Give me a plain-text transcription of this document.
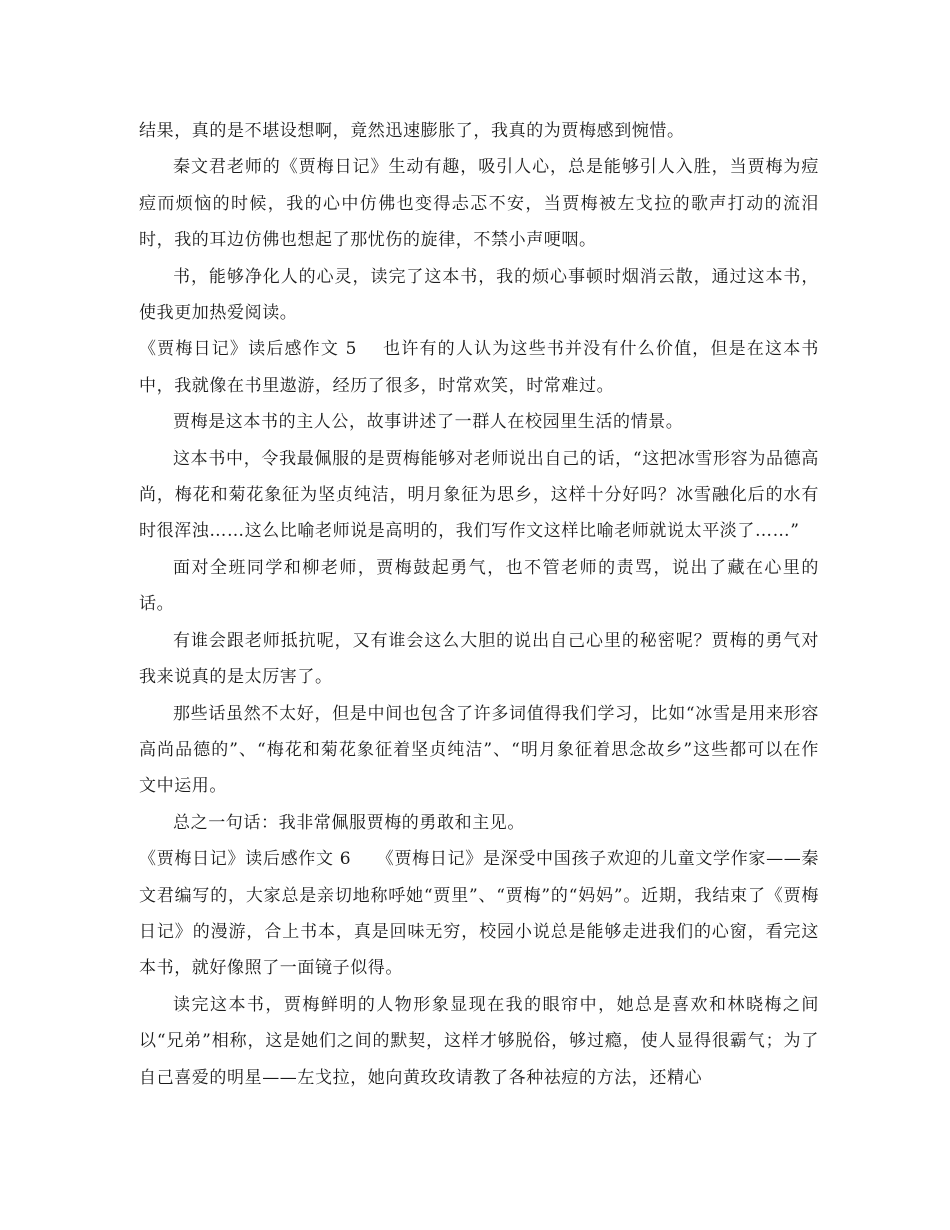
结果，真的是不堪设想啊，竟然迅速膨胀了，我真的为贾梅感到惋惜。

秦文君老师的《贾梅日记》生动有趣，吸引人心，总是能够引人入胜，当贾梅为痘痘而烦恼的时候，我的心中仿佛也变得忐忑不安，当贾梅被左戈拉的歌声打动的流泪时，我的耳边仿佛也想起了那忧伤的旋律，不禁小声哽咽。

书，能够净化人的心灵，读完了这本书，我的烦心事顿时烟消云散，通过这本书，使我更加热爱阅读。

《贾梅日记》读后感作文 5 也许有的人认为这些书并没有什么价值，但是在这本书中，我就像在书里遨游，经历了很多，时常欢笑，时常难过。

贾梅是这本书的主人公，故事讲述了一群人在校园里生活的情景。

这本书中，令我最佩服的是贾梅能够对老师说出自己的话，“这把冰雪形容为品德高尚，梅花和菊花象征为坚贞纯洁，明月象征为思乡，这样十分好吗？冰雪融化后的水有时很浑浊……这么比喻老师说是高明的，我们写作文这样比喻老师就说太平淡了……”

面对全班同学和柳老师，贾梅鼓起勇气，也不管老师的责骂，说出了藏在心里的话。

有谁会跟老师抵抗呢，又有谁会这么大胆的说出自己心里的秘密呢？贾梅的勇气对我来说真的是太厉害了。

那些话虽然不太好，但是中间也包含了许多词值得我们学习，比如“冰雪是用来形容高尚品德的”、“梅花和菊花象征着坚贞纯洁”、“明月象征着思念故乡”这些都可以在作文中运用。

总之一句话：我非常佩服贾梅的勇敢和主见。

《贾梅日记》读后感作文 6 《贾梅日记》是深受中国孩子欢迎的儿童文学作家——秦文君编写的，大家总是亲切地称呼她“贾里”、“贾梅”的“妈妈”。近期，我结束了《贾梅日记》的漫游，合上书本，真是回味无穷，校园小说总是能够走进我们的心窗，看完这本书，就好像照了一面镜子似得。

读完这本书，贾梅鲜明的人物形象显现在我的眼帘中，她总是喜欢和林晓梅之间以“兄弟”相称，这是她们之间的默契，这样才够脱俗，够过瘾，使人显得很霸气；为了自己喜爱的明星——左戈拉，她向黄玫玫请教了各种祛痘的方法，还精心
